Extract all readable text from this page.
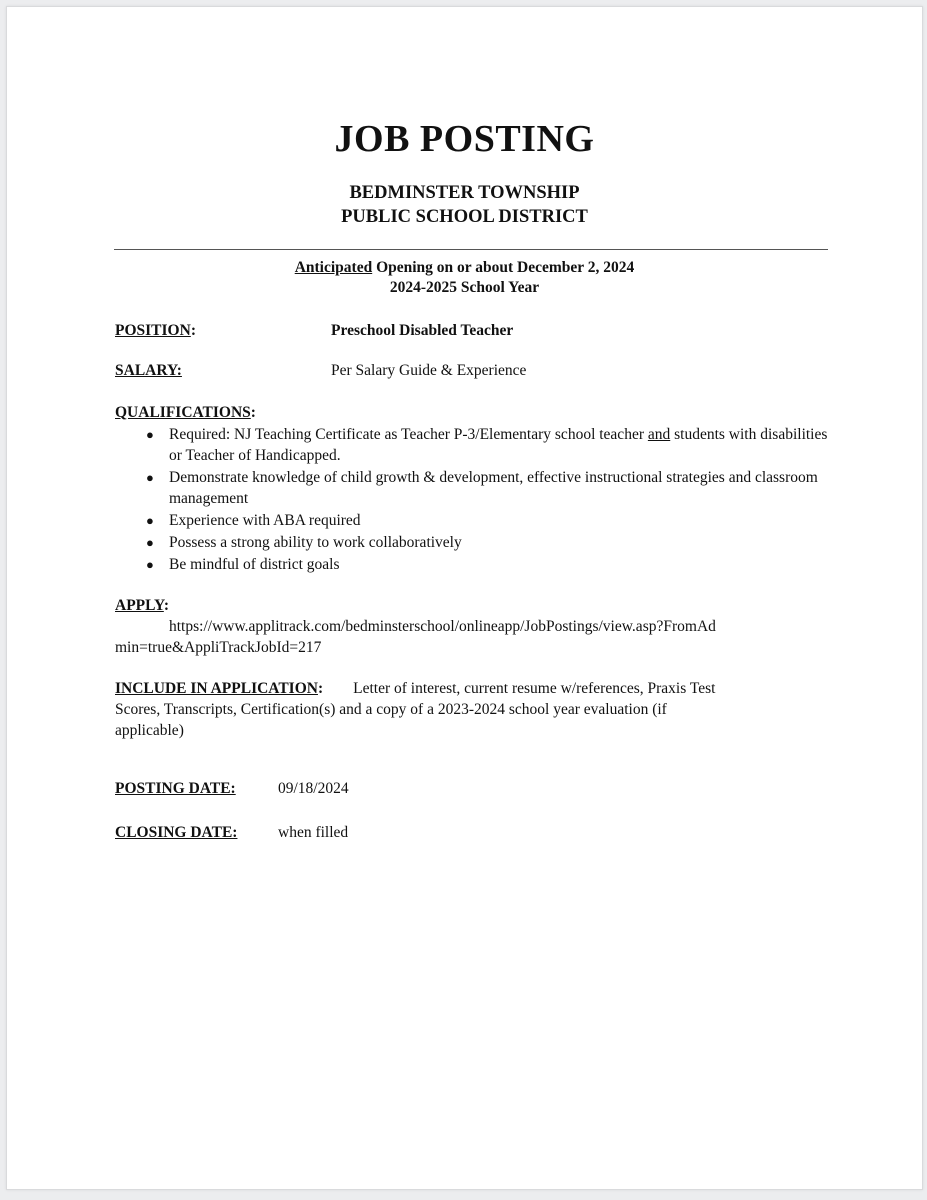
JOB POSTING
BEDMINSTER TOWNSHIP
PUBLIC SCHOOL DISTRICT
Anticipated Opening on or about December 2, 2024
2024-2025 School Year
POSITION:	Preschool Disabled Teacher
SALARY:	Per Salary Guide & Experience
QUALIFICATIONS:
● Required: NJ Teaching Certificate as Teacher P-3/Elementary school teacher and students with disabilities or Teacher of Handicapped.
● Demonstrate knowledge of child growth & development, effective instructional strategies and classroom management
● Experience with ABA required
● Possess a strong ability to work collaboratively
● Be mindful of district goals
APPLY:
https://www.applitrack.com/bedminsterschool/onlineapp/JobPostings/view.asp?FromAd
min=true&AppliTrackJobId=217
INCLUDE IN APPLICATION: Letter of interest, current resume w/references, Praxis Test
Scores, Transcripts, Certification(s) and a copy of a 2023-2024 school year evaluation (if
applicable)
POSTING DATE:	09/18/2024
CLOSING DATE:	when filled
